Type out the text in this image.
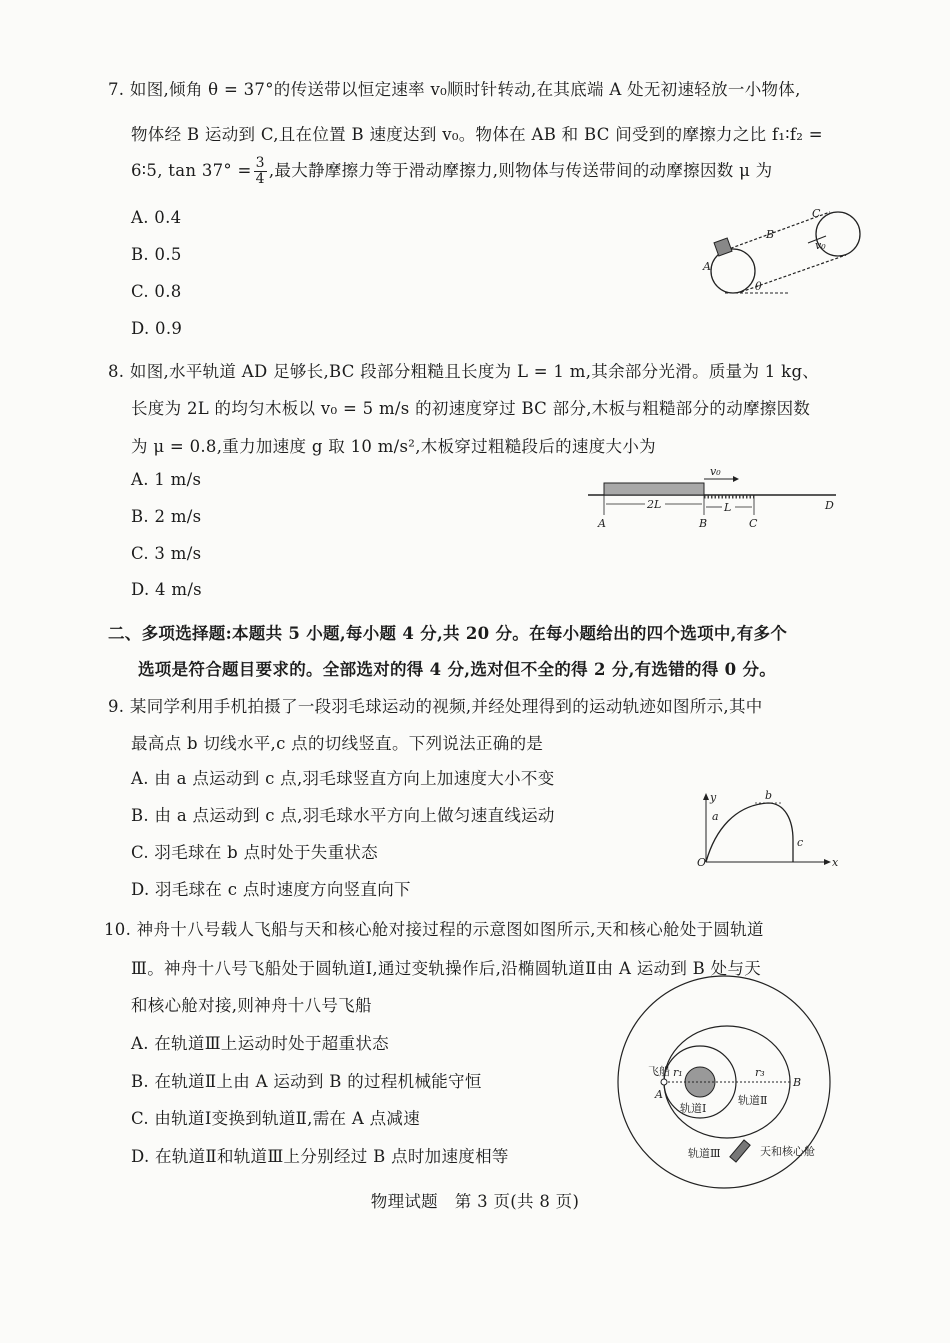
7. 如图,倾角 θ = 37°的传送带以恒定速率 v₀顺时针转动,在其底端 A 处无初速轻放一小物体,
物体经 B 运动到 C,且在位置 B 速度达到 v₀。物体在 AB 和 BC 间受到的摩擦力之比 f₁∶f₂ =
6∶5, $\tan 37^\circ = \frac{3}{4}$ ,最大静摩擦力等于滑动摩擦力,则物体与传送带间的动摩擦因数 μ 为
A. 0.4
B. 0.5
C. 0.8
D. 0.9
A
B
C
v₀
θ
2L	L
v₀
A	B	C
D
O	x
y
a
b
c
飞船
A
B
r₁	r₃
轨道Ⅰ
轨道Ⅱ
轨道Ⅲ	天和核心舱
8. 如图,水平轨道 AD 足够长,BC 段部分粗糙且长度为 L = 1 m,其余部分光滑。质量为 1 kg、
长度为 2L 的均匀木板以 v₀ = 5 m/s 的初速度穿过 BC 部分,木板与粗糙部分的动摩擦因数
为 μ = 0.8,重力加速度 g 取 10 m/s²,木板穿过粗糙段后的速度大小为
A. 1 m/s
B. 2 m/s
C. 3 m/s
D. 4 m/s
二、多项选择题:本题共 5 小题,每小题 4 分,共 20 分。在每小题给出的四个选项中,有多个
选项是符合题目要求的。全部选对的得 4 分,选对但不全的得 2 分,有选错的得 0 分。
9. 某同学利用手机拍摄了一段羽毛球运动的视频,并经处理得到的运动轨迹如图所示,其中
最高点 b 切线水平,c 点的切线竖直。下列说法正确的是
A. 由 a 点运动到 c 点,羽毛球竖直方向上加速度大小不变
B. 由 a 点运动到 c 点,羽毛球水平方向上做匀速直线运动
C. 羽毛球在 b 点时处于失重状态
D. 羽毛球在 c 点时速度方向竖直向下
10. 神舟十八号载人飞船与天和核心舱对接过程的示意图如图所示,天和核心舱处于圆轨道
Ⅲ。神舟十八号飞船处于圆轨道Ⅰ,通过变轨操作后,沿椭圆轨道Ⅱ由 A 运动到 B 处与天
和核心舱对接,则神舟十八号飞船
A. 在轨道Ⅲ上运动时处于超重状态
B. 在轨道Ⅱ上由 A 运动到 B 的过程机械能守恒
C. 由轨道Ⅰ变换到轨道Ⅱ,需在 A 点减速
D. 在轨道Ⅱ和轨道Ⅲ上分别经过 B 点时加速度相等
物理试题　第 3 页(共 8 页)
